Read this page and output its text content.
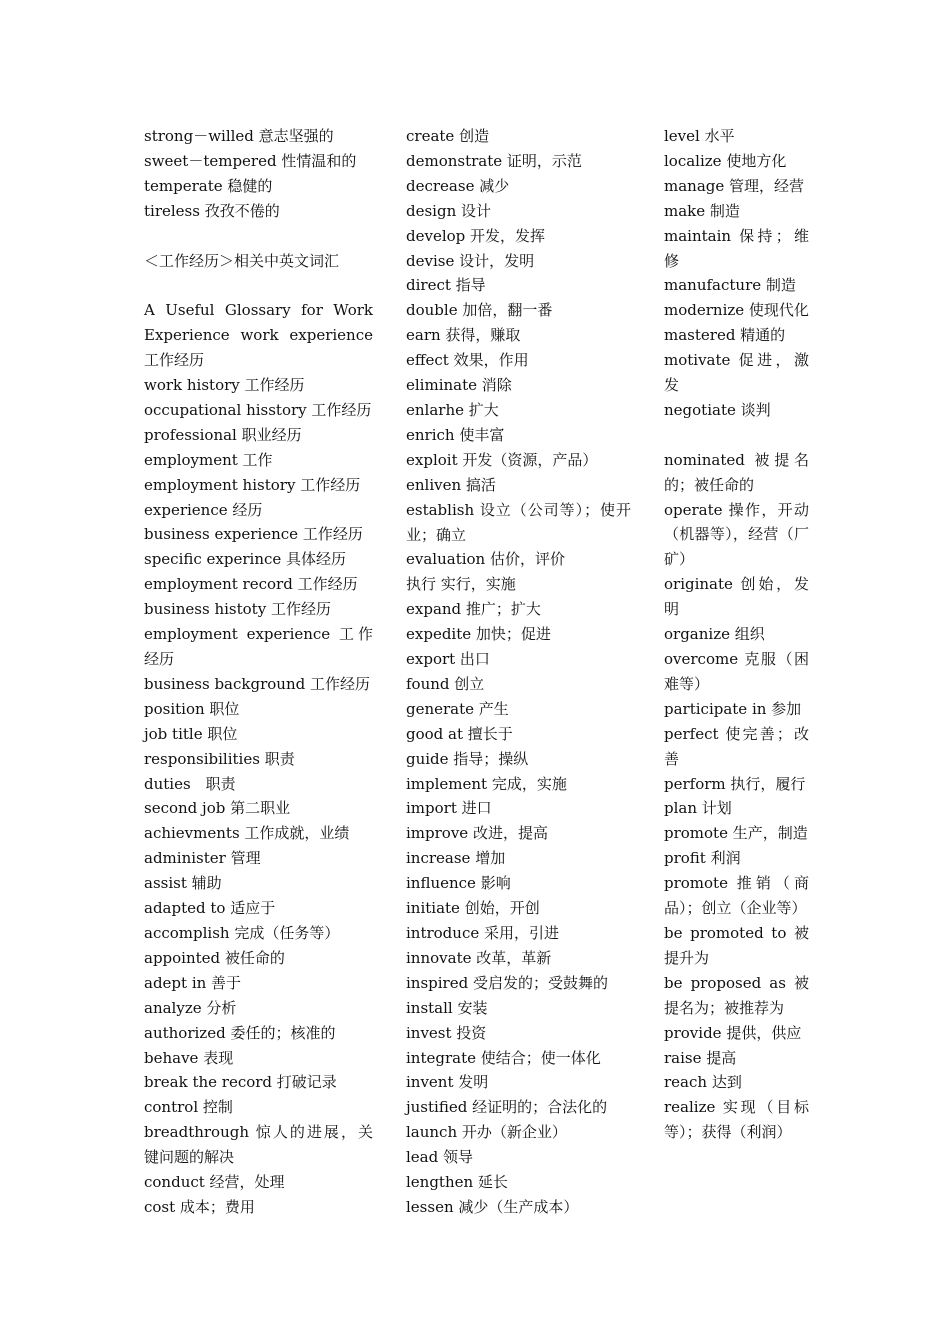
strong－willed 意志坚强的
sweet－tempered 性情温和的
temperate 稳健的
tireless 孜孜不倦的
＜工作经历＞相关中英文词汇
A Useful Glossary for Work Experience work experience 工作经历
work history 工作经历
occupational hisstory 工作经历
professional 职业经历
employment 工作
employment history 工作经历
experience 经历
business experience 工作经历
specific experince 具体经历
employment record 工作经历
business histoty 工作经历
employment experience 工作经历
business background 工作经历
position 职位
job title 职位
responsibilities 职责
duties　职责
second job 第二职业
achievments 工作成就，业绩
administer 管理
assist 辅助
adapted to 适应于
accomplish 完成（任务等）
appointed 被任命的
adept in 善于
analyze 分析
authorized 委任的；核准的
behave 表现
break the record 打破记录
control 控制
breadthrough 惊人的进展，关键问题的解决
conduct 经营，处理
cost 成本；费用
create 创造
demonstrate 证明，示范
decrease 减少
design 设计
develop 开发，发挥
devise 设计，发明
direct 指导
double 加倍，翻一番
earn 获得，赚取
effect 效果，作用
eliminate 消除
enlarhe 扩大
enrich 使丰富
exploit 开发（资源，产品）
enliven 搞活
establish 设立（公司等）；使开业；确立
evaluation 估价，评价
执行 实行，实施
expand 推广；扩大
expedite 加快；促进
export 出口
found 创立
generate 产生
good at 擅长于
guide 指导；操纵
implement 完成，实施
import 进口
improve 改进，提高
increase 增加
influence 影响
initiate 创始，开创
introduce 采用，引进
innovate 改革，革新
inspired 受启发的；受鼓舞的
install 安装
invest 投资
integrate 使结合；使一体化
invent 发明
justified 经证明的；合法化的
launch 开办（新企业）
lead 领导
lengthen 延长
lessen 减少（生产成本）
level 水平
localize 使地方化
manage 管理，经营
make 制造
maintain 保持；维修
manufacture 制造
modernize 使现代化
mastered 精通的
motivate 促进，激发
negotiate 谈判
nominated 被提名的；被任命的
operate 操作，开动（机器等），经营（厂矿）
originate 创始，发明
organize 组织
overcome 克服（困难等）
participate in 参加
perfect 使完善；改善
perform 执行，履行
plan 计划
promote 生产，制造
profit 利润
promote 推销（商品）；创立（企业等）
be promoted to 被提升为
be proposed as 被提名为；被推荐为
provide 提供，供应
raise 提高
reach 达到
realize 实现（目标等）；获得（利润）
